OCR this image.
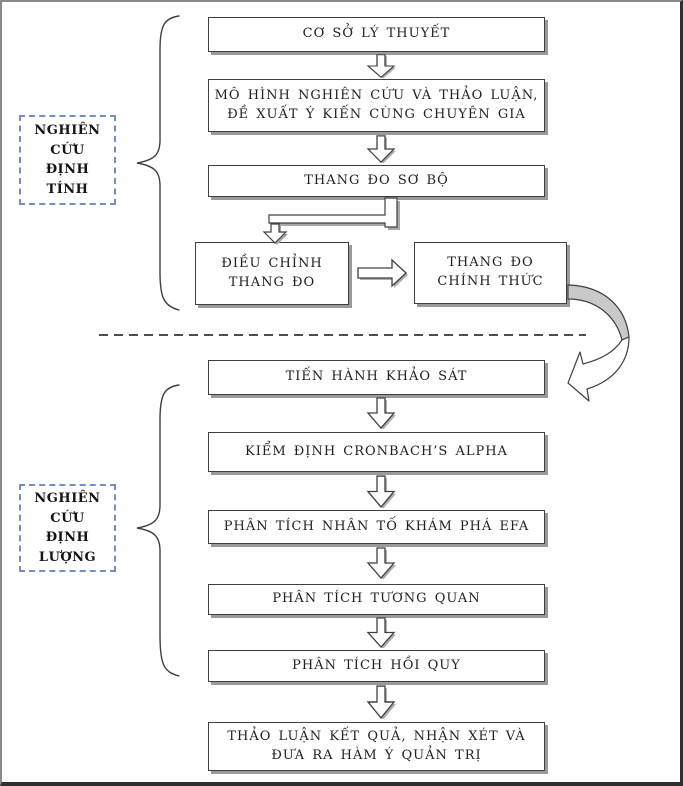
NGHIÊN
CỨU
ĐỊNH
TÍNH
NGHIÊN
CỨU
ĐỊNH
LƯỢNG
CƠ SỞ LÝ THUYẾT
MÔ HÌNH NGHIÊN CỨU VÀ THẢO LUẬN,
ĐỀ XUẤT Ý KIẾN CÙNG CHUYÊN GIA
THANG ĐO SƠ BỘ
ĐIỀU CHỈNH
THANG ĐO
THANG ĐO
CHÍNH THỨC
TIẾN HÀNH KHẢO SÁT
KIỂM ĐỊNH CRONBACH’S ALPHA
PHÂN TÍCH NHÂN TỐ KHÁM PHÁ EFA
PHÂN TÍCH TƯƠNG QUAN
PHÂN TÍCH HỒI QUY
THẢO LUẬN KẾT QUẢ, NHẬN XÉT VÀ
ĐƯA RA HÀM Ý QUẢN TRỊ
